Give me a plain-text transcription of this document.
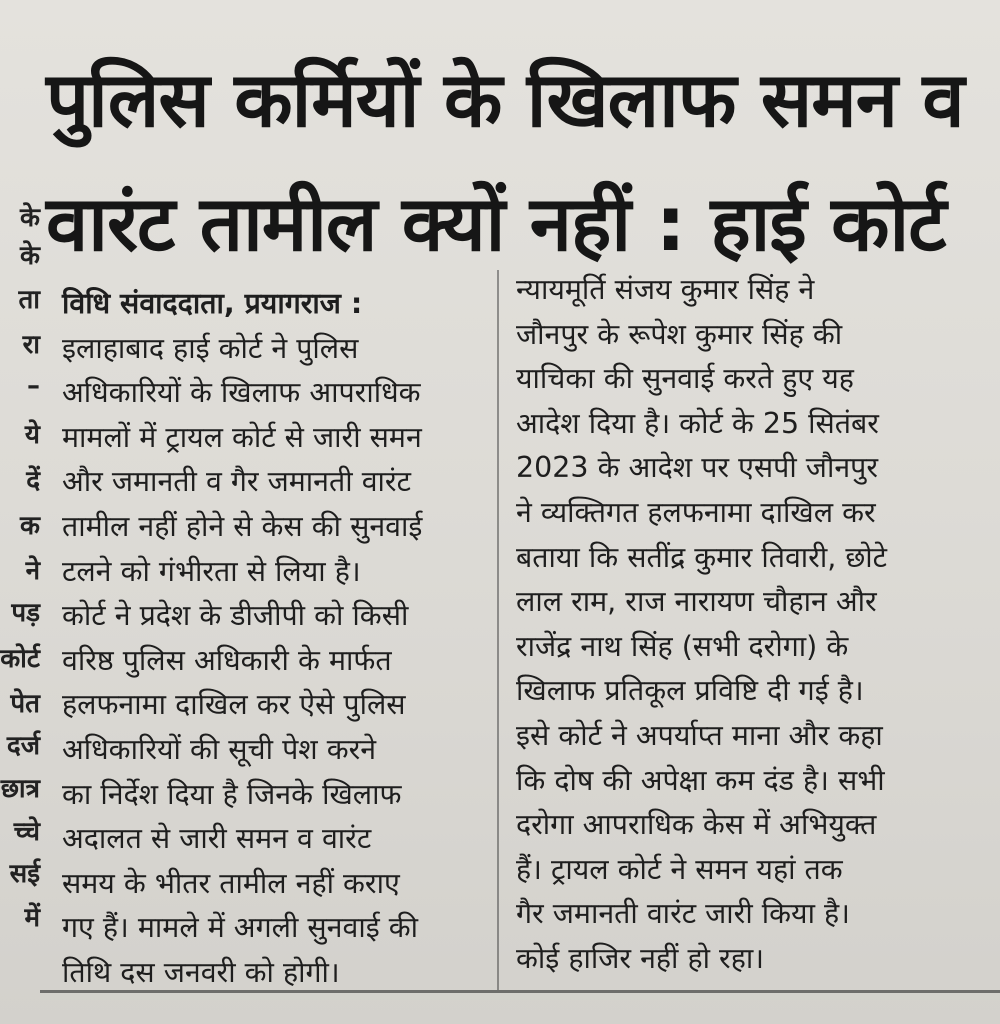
पुलिस कर्मियों के खिलाफ समन व
वारंट तामील क्यों नहीं : हाई कोर्ट
के
के
ता
रा
–
ये
दें
क
ने
पड़
कोर्ट
पेत
दर्ज
छात्र
च्चे
सई
में
विधि संवाददाता, प्रयागराज :
इलाहाबाद हाई कोर्ट ने पुलिस
अधिकारियों के खिलाफ आपराधिक
मामलों में ट्रायल कोर्ट से जारी समन
और जमानती व गैर जमानती वारंट
तामील नहीं होने से केस की सुनवाई
टलने को गंभीरता से लिया है।
कोर्ट ने प्रदेश के डीजीपी को किसी
वरिष्ठ पुलिस अधिकारी के मार्फत
हलफनामा दाखिल कर ऐसे पुलिस
अधिकारियों की सूची पेश करने
का निर्देश दिया है जिनके खिलाफ
अदालत से जारी समन व वारंट
समय के भीतर तामील नहीं कराए
गए हैं। मामले में अगली सुनवाई की
तिथि दस जनवरी को होगी।
न्यायमूर्ति संजय कुमार सिंह ने
जौनपुर के रूपेश कुमार सिंह की
याचिका की सुनवाई करते हुए यह
आदेश दिया है। कोर्ट के 25 सितंबर
2023 के आदेश पर एसपी जौनपुर
ने व्यक्तिगत हलफनामा दाखिल कर
बताया कि सतींद्र कुमार तिवारी, छोटे
लाल राम, राज नारायण चौहान और
राजेंद्र नाथ सिंह (सभी दरोगा) के
खिलाफ प्रतिकूल प्रविष्टि दी गई है।
इसे कोर्ट ने अपर्याप्त माना और कहा
कि दोष की अपेक्षा कम दंड है। सभी
दरोगा आपराधिक केस में अभियुक्त
हैं। ट्रायल कोर्ट ने समन यहां तक
गैर जमानती वारंट जारी किया है।
कोई हाजिर नहीं हो रहा।
